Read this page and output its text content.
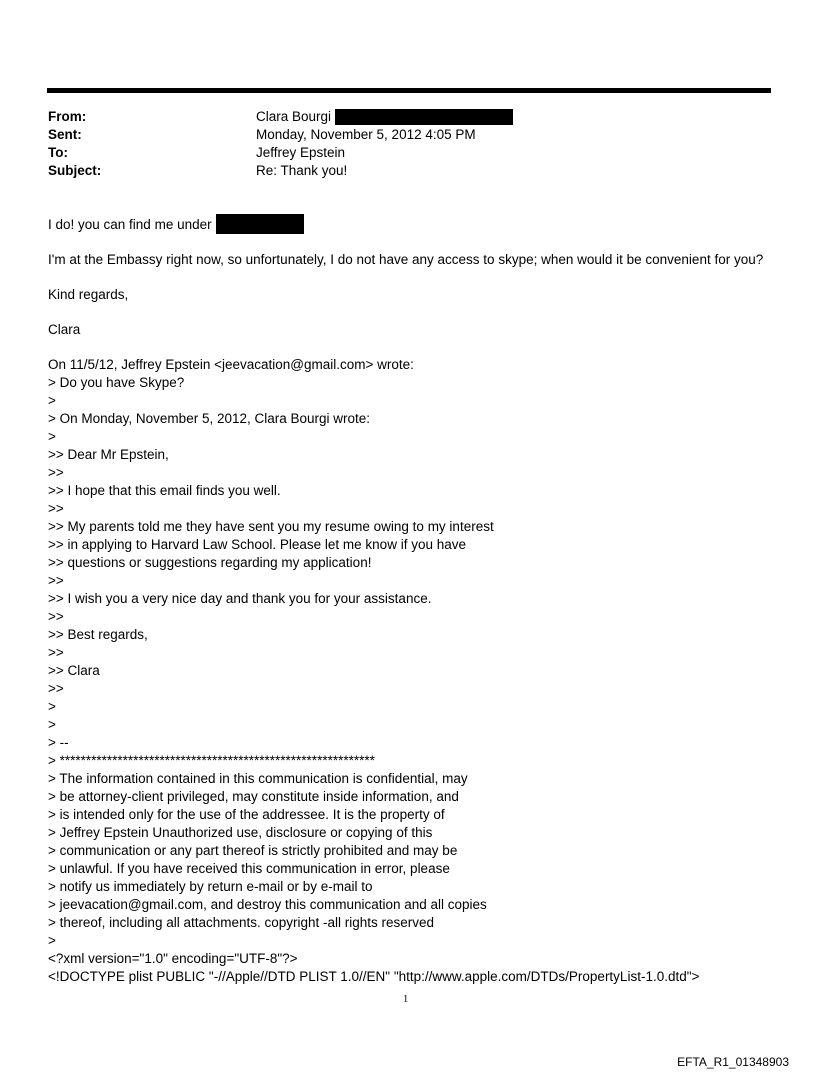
From:	Clara Bourgi
Sent:	Monday, November 5, 2012 4:05 PM
To:	Jeffrey Epstein
Subject:	Re: Thank you!

I do! you can find me under

I'm at the Embassy right now, so unfortunately, I do not have any access to skype; when would it be convenient for you?

Kind regards,

Clara

On 11/5/12, Jeffrey Epstein <jeevacation@gmail.com> wrote:
> Do you have Skype?
>
> On Monday, November 5, 2012, Clara Bourgi wrote:
>
>> Dear Mr Epstein,
>>
>> I hope that this email finds you well.
>>
>> My parents told me they have sent you my resume owing to my interest
>> in applying to Harvard Law School. Please let me know if you have
>> questions or suggestions regarding my application!
>>
>> I wish you a very nice day and thank you for your assistance.
>>
>> Best regards,
>>
>> Clara
>>
>
>
> --
> ************************************************************
> The information contained in this communication is confidential, may
> be attorney-client privileged, may constitute inside information, and
> is intended only for the use of the addressee. It is the property of
> Jeffrey Epstein Unauthorized use, disclosure or copying of this
> communication or any part thereof is strictly prohibited and may be
> unlawful. If you have received this communication in error, please
> notify us immediately by return e-mail or by e-mail to
> jeevacation@gmail.com, and destroy this communication and all copies
> thereof, including all attachments. copyright -all rights reserved
>
<?xml version="1.0" encoding="UTF-8"?>
<!DOCTYPE plist PUBLIC "-//Apple//DTD PLIST 1.0//EN" "http://www.apple.com/DTDs/PropertyList-1.0.dtd">
1
EFTA_R1_01348903
